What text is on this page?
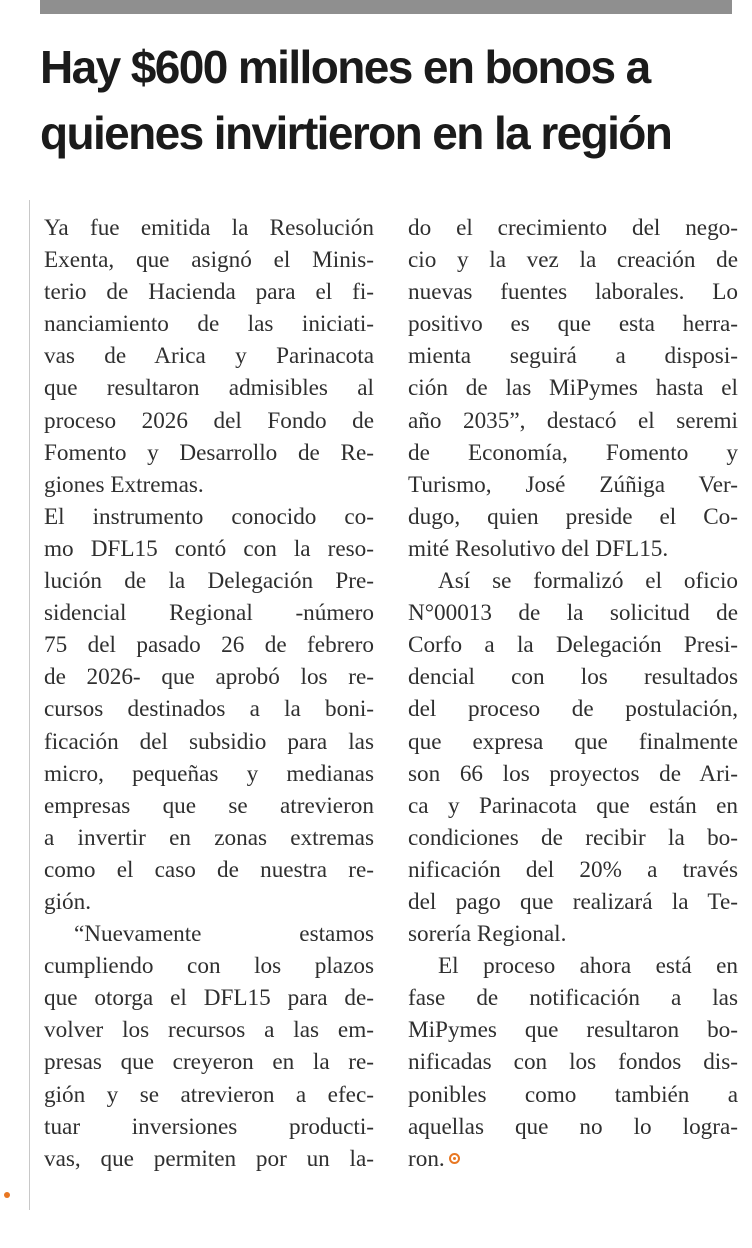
Hay $600 millones en bonos a quienes invirtieron en la región
Ya fue emitida la Resolución
Exenta, que asignó el Minis-
terio de Hacienda para el fi-
nanciamiento de las iniciati-
vas de Arica y Parinacota
que resultaron admisibles al
proceso 2026 del Fondo de
Fomento y Desarrollo de Re-
giones Extremas.
El instrumento conocido co-
mo DFL15 contó con la reso-
lución de la Delegación Pre-
sidencial Regional -número
75 del pasado 26 de febrero
de 2026- que aprobó los re-
cursos destinados a la boni-
ficación del subsidio para las
micro, pequeñas y medianas
empresas que se atrevieron
a invertir en zonas extremas
como el caso de nuestra re-
gión.
“Nuevamente estamos
cumpliendo con los plazos
que otorga el DFL15 para de-
volver los recursos a las em-
presas que creyeron en la re-
gión y se atrevieron a efec-
tuar inversiones producti-
vas, que permiten por un la-
do el crecimiento del nego-
cio y la vez la creación de
nuevas fuentes laborales. Lo
positivo es que esta herra-
mienta seguirá a disposi-
ción de las MiPymes hasta el
año 2035”, destacó el seremi
de Economía, Fomento y
Turismo, José Zúñiga Ver-
dugo, quien preside el Co-
mité Resolutivo del DFL15.
Así se formalizó el oficio
N°00013 de la solicitud de
Corfo a la Delegación Presi-
dencial con los resultados
del proceso de postulación,
que expresa que finalmente
son 66 los proyectos de Ari-
ca y Parinacota que están en
condiciones de recibir la bo-
nificación del 20% a través
del pago que realizará la Te-
sorería Regional.
El proceso ahora está en
fase de notificación a las
MiPymes que resultaron bo-
nificadas con los fondos dis-
ponibles como también a
aquellas que no lo logra-
ron.
